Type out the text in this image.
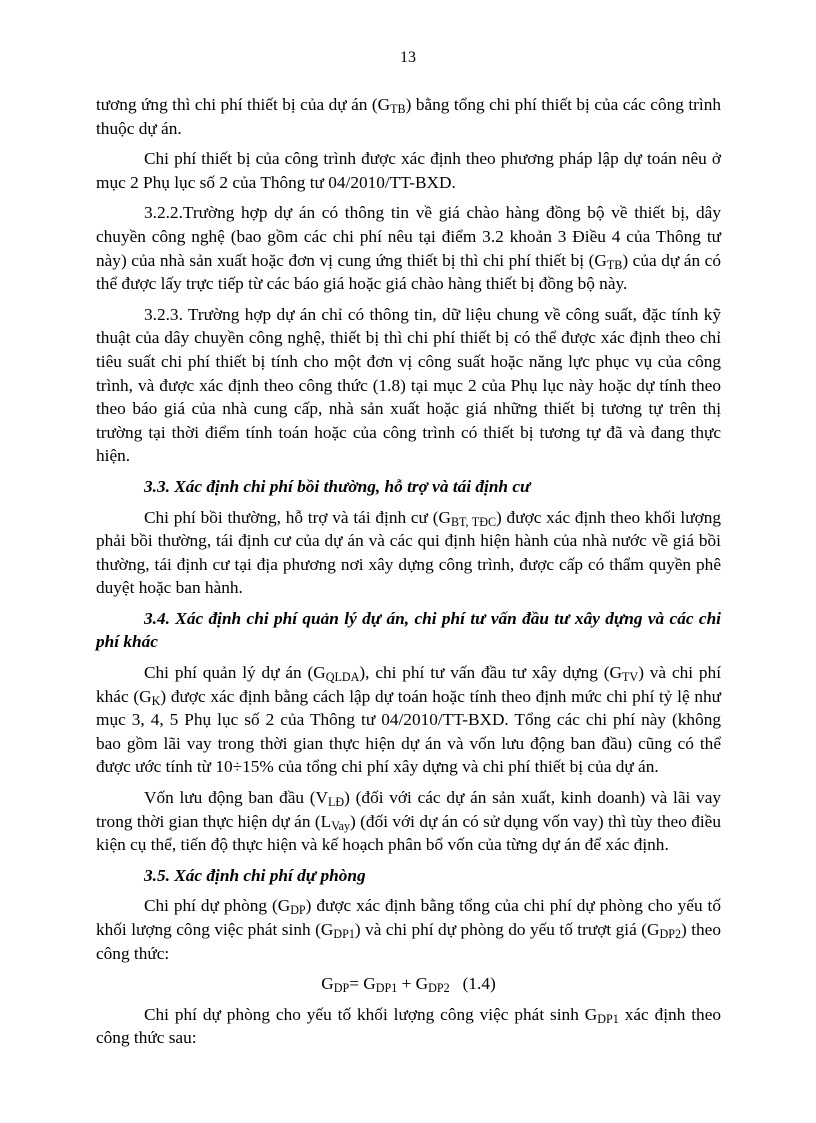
13

tương ứng thì chi phí thiết bị của dự án $(G_{TB})$ bằng tổng chi phí thiết bị của các công trình thuộc dự án.

Chi phí thiết bị của công trình được xác định theo phương pháp lập dự toán nêu ở mục 2 Phụ lục số 2 của Thông tư 04/2010/TT-BXD.

3.2.2.Trường hợp dự án có thông tin về giá chào hàng đồng bộ về thiết bị, dây chuyền công nghệ (bao gồm các chi phí nêu tại điểm 3.2 khoản 3 Điều 4 của Thông tư này) của nhà sản xuất hoặc đơn vị cung ứng thiết bị thì chi phí thiết bị $(G_{TB})$ của dự án có thể được lấy trực tiếp từ các báo giá hoặc giá chào hàng thiết bị đồng bộ này.

3.2.3. Trường hợp dự án chỉ có thông tin, dữ liệu chung về công suất, đặc tính kỹ thuật của dây chuyền công nghệ, thiết bị thì chi phí thiết bị có thể được xác định theo chỉ tiêu suất chi phí thiết bị tính cho một đơn vị công suất hoặc năng lực phục vụ của công trình, và được xác định theo công thức (1.8) tại mục 2 của Phụ lục này hoặc dự tính theo theo báo giá của nhà cung cấp, nhà sản xuất hoặc giá những thiết bị tương tự trên thị trường tại thời điểm tính toán hoặc của công trình có thiết bị tương tự đã và đang thực hiện.

3.3. Xác định chi phí bồi thường, hỗ trợ và tái định cư

Chi phí bồi thường, hỗ trợ và tái định cư $(G_{BT, TĐC})$ được xác định theo khối lượng phải bồi thường, tái định cư của dự án và các qui định hiện hành của nhà nước về giá bồi thường, tái định cư tại địa phương nơi xây dựng công trình, được cấp có thẩm quyền phê duyệt hoặc ban hành.

3.4. Xác định chi phí quản lý dự án, chi phí tư vấn đầu tư xây dựng và các chi phí khác

Chi phí quản lý dự án $(G_{QLDA})$, chi phí tư vấn đầu tư xây dựng $(G_{TV})$ và chi phí khác $(G_K)$ được xác định bằng cách lập dự toán hoặc tính theo định mức chi phí tỷ lệ như mục 3, 4, 5 Phụ lục số 2 của Thông tư 04/2010/TT-BXD. Tổng các chi phí này (không bao gồm lãi vay trong thời gian thực hiện dự án và vốn lưu động ban đầu) cũng có thể được ước tính từ 10÷15% của tổng chi phí xây dựng và chi phí thiết bị của dự án.

Vốn lưu động ban đầu $(V_{LĐ})$ (đối với các dự án sản xuất, kinh doanh) và lãi vay trong thời gian thực hiện dự án $(L_{Vay})$ (đối với dự án có sử dụng vốn vay) thì tùy theo điều kiện cụ thể, tiến độ thực hiện và kế hoạch phân bổ vốn của từng dự án để xác định.

3.5. Xác định chi phí dự phòng

Chi phí dự phòng $(G_{DP})$ được xác định bằng tổng của chi phí dự phòng cho yếu tố khối lượng công việc phát $\sinh (G_{DP1})$ và chi phí dự phòng do yếu tố trượt giá $(G_{DP2})$ theo công thức:

$G_{DP}= G_{DP1} + G_{DP2}$   (1.4)

Chi phí dự phòng cho yếu tố khối lượng công việc phát $\sinh G_{DP1}$ xác định theo công thức sau:
